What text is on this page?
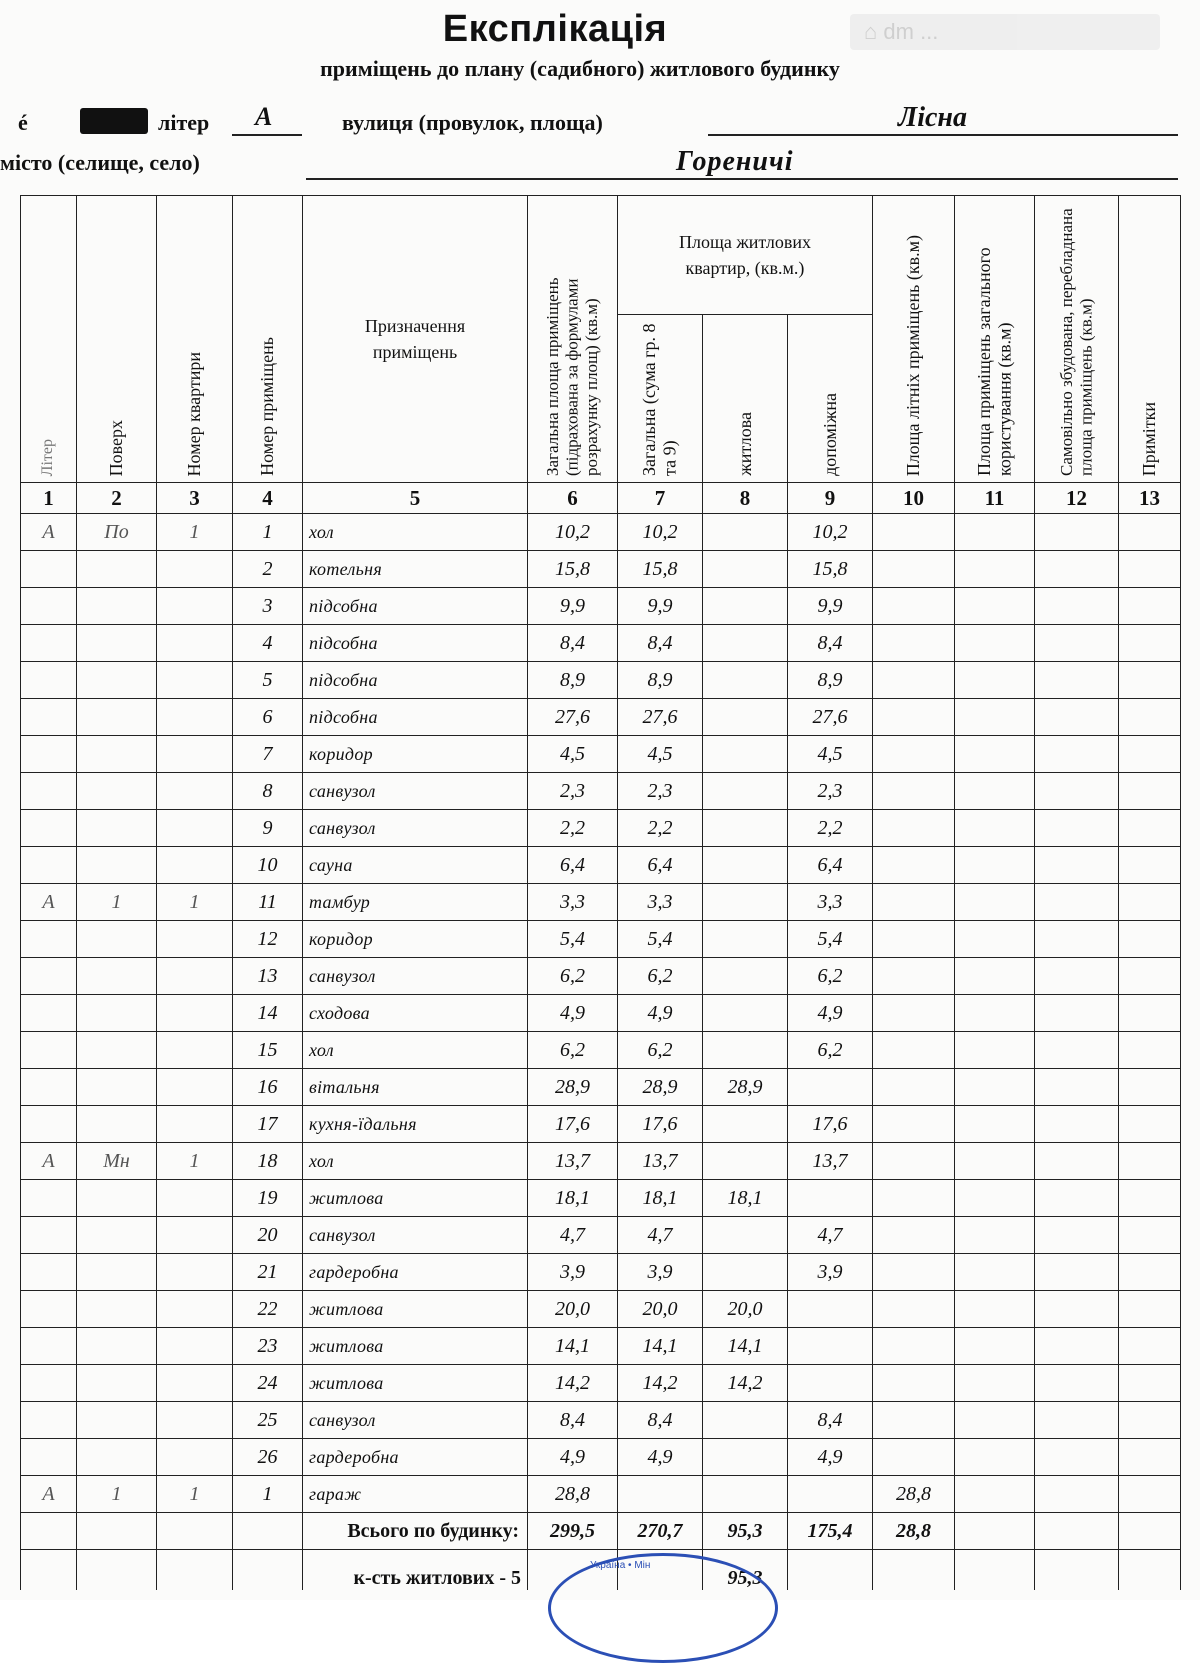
⌂ dm ...
Експлікація
приміщень до плану (садибного) житлового будинку
é	літер А	вулиця (провулок, площа)	Лісна
місто (селище, село)	Гореничі
Літер	Поверх	Номер квартири	Номер приміщень	Призначення приміщень	Загальна площа приміщень (підрахована за формулами розрахунку площ) (кв.м)	Площа житлових квартир, (кв.м.)			Площа літніх приміщень (кв.м)	Площа приміщень загального користування (кв.м)	Самовільно збудована, перебладнана площа приміщень (кв.м)	Примітки

						Загальна (сума гр. 8 та 9)	житлова	допоміжна				

1	2	3	4	5	6	7	8	9	10	11	12	13
А	По	1	1	хол	10,2	10,2		10,2				
			2	котельня	15,8	15,8		15,8				
			3	підсобна	9,9	9,9		9,9				
			4	підсобна	8,4	8,4		8,4				
			5	підсобна	8,9	8,9		8,9				
			6	підсобна	27,6	27,6		27,6				
			7	коридор	4,5	4,5		4,5				
			8	санвузол	2,3	2,3		2,3				
			9	санвузол	2,2	2,2		2,2				
			10	сауна	6,4	6,4		6,4				
А	1	1	11	тамбур	3,3	3,3		3,3				
			12	коридор	5,4	5,4		5,4				
			13	санвузол	6,2	6,2		6,2				
			14	сходова	4,9	4,9		4,9				
			15	хол	6,2	6,2		6,2				
			16	вітальня	28,9	28,9	28,9					
			17	кухня-їдальня	17,6	17,6		17,6				
А	Мн	1	18	хол	13,7	13,7		13,7				
			19	житлова	18,1	18,1	18,1					
			20	санвузол	4,7	4,7		4,7				
			21	гардеробна	3,9	3,9		3,9				
			22	житлова	20,0	20,0	20,0					
			23	житлова	14,1	14,1	14,1					
			24	житлова	14,2	14,2	14,2					
			25	санвузол	8,4	8,4		8,4				
			26	гардеробна	4,9	4,9		4,9				
А	1	1	1	гараж	28,8				28,8			
				Всього по будинку:	299,5	270,7	95,3	175,4	28,8			
				к-сть житлових - 5			95,3					
Україна • Мін
